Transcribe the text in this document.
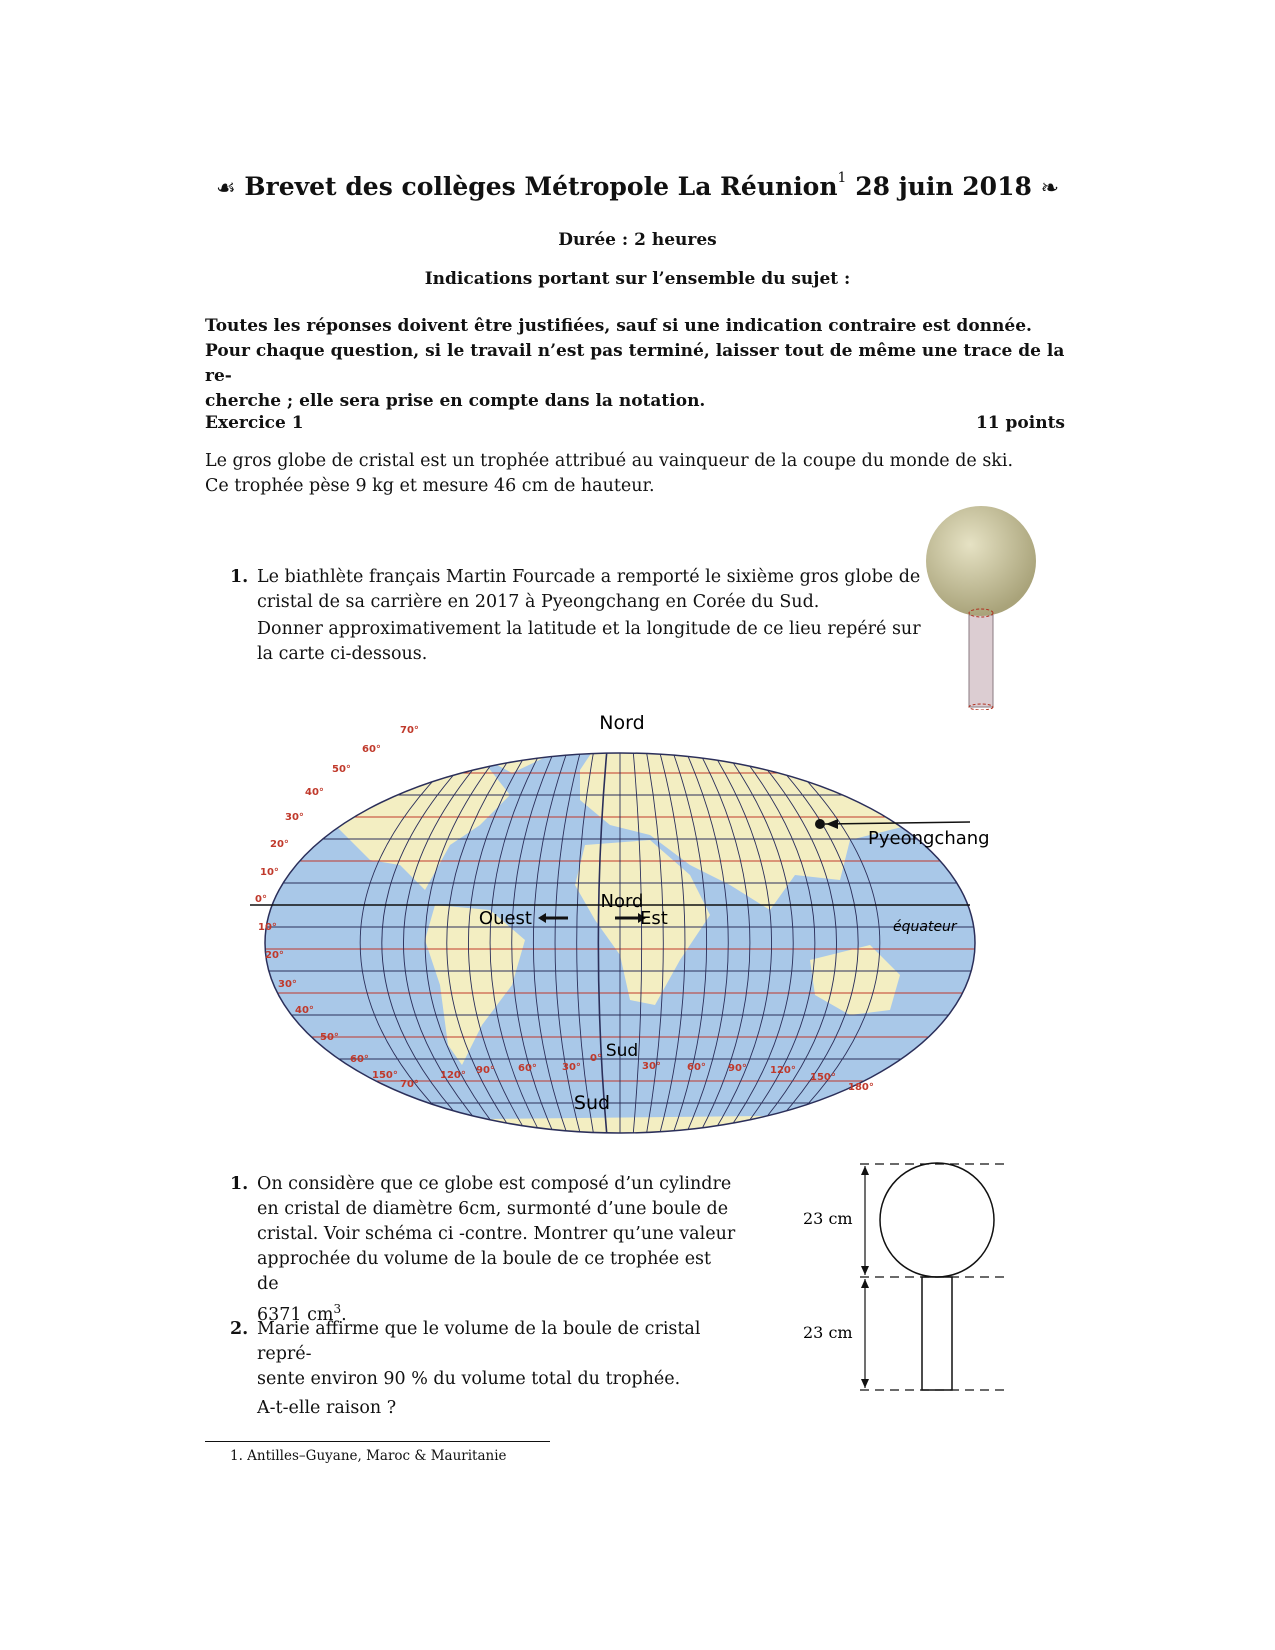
☙ Brevet des collèges Métropole La Réunion$^1$ 28 juin 2018 ❧
Durée : 2 heures
Indications portant sur l’ensemble du sujet :
Toutes les réponses doivent être justifiées, sauf si une indication contraire est donnée.
Pour chaque question, si le travail n’est pas terminé, laisser tout de même une trace de la re-
cherche ; elle sera prise en compte dans la notation.
Exercice 1	11 points
Le gros globe de cristal est un trophée attribué au vainqueur de la coupe du monde de ski.
Ce trophée pèse 9 kg et mesure 46 cm de hauteur.
1. Le biathlète français Martin Fourcade a remporté le sixième gros globe de
cristal de sa carrière en 2017 à Pyeongchang en Corée du Sud.
Donner approximativement la latitude et la longitude de ce lieu repéré sur
la carte ci-dessous.
Nord
70°
60°
50°
40°
30°
20°
10°
0°
10°
20°
30°
40°
50°
60°
70°
150°	120° 90° 60°	30°
0°
30°	60° 90° 120°
150°
180°
Nord
Ouest	Est	équateur
Sud
Pyeongchang
Sud
1. On considère que ce globe est composé d’un cylindre
en cristal de diamètre 6cm, surmonté d’une boule de
cristal. Voir schéma ci -contre. Montrer qu’une valeur
approchée du volume de la boule de ce trophée est de
6371 $cm^3$.
2. Marie affirme que le volume de la boule de cristal repré-
sente environ 90 % du volume total du trophée.
A-t-elle raison ?
23 cm
23 cm
1. Antilles–Guyane, Maroc & Mauritanie
